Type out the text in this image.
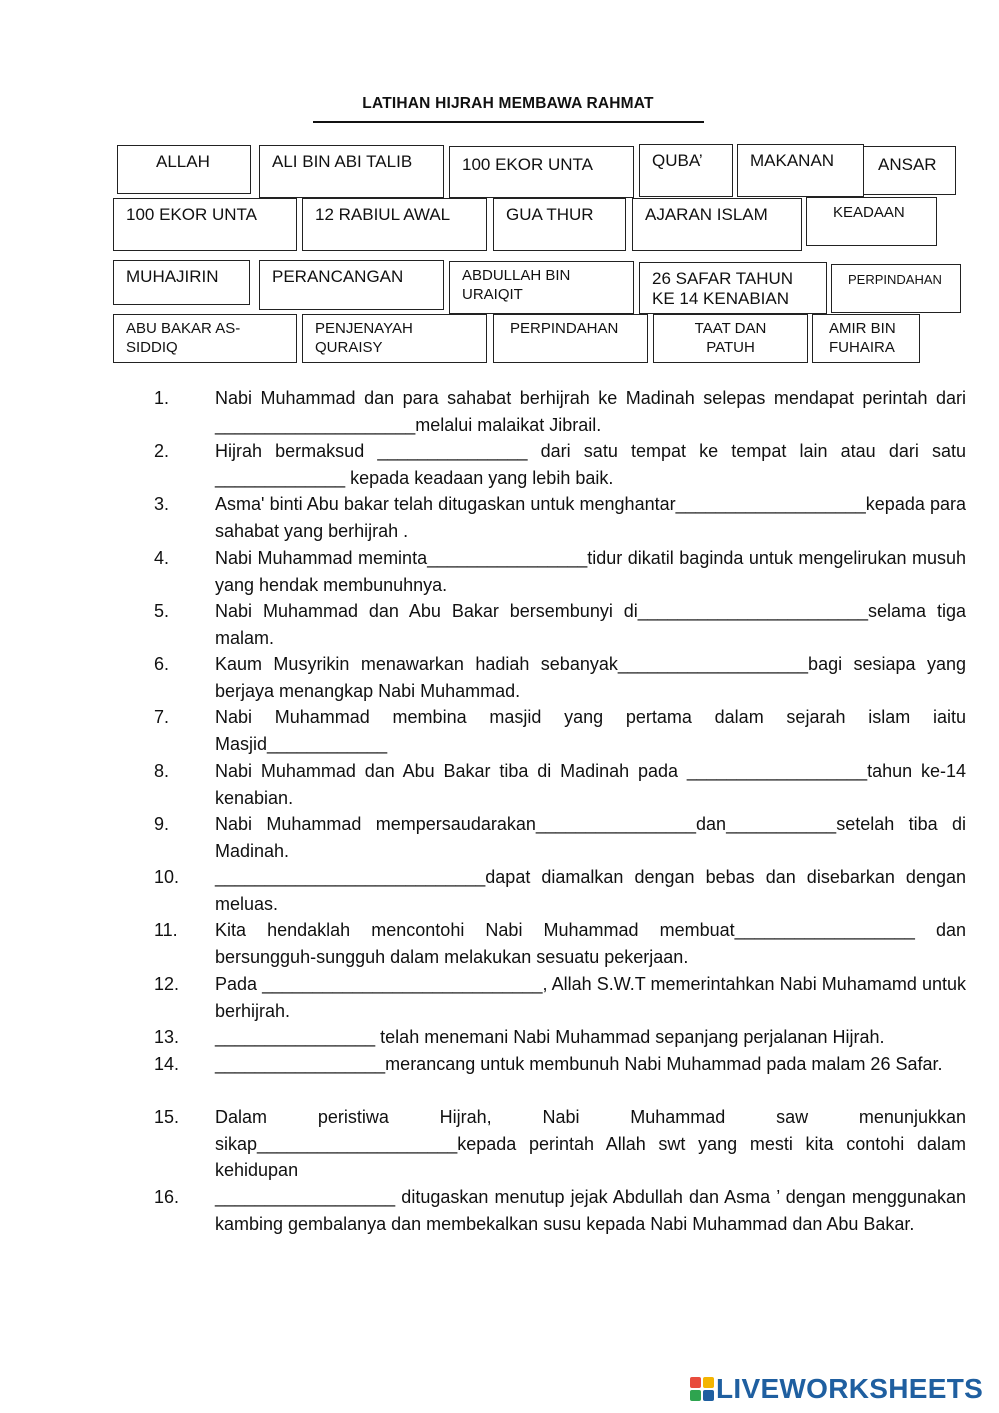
LATIHAN HIJRAH MEMBAWA RAHMAT
ALLAH	ALI BIN ABI TALIB	100 EKOR UNTA	QUBA’	MAKANAN	ANSAR
100 EKOR UNTA	12 RABIUL AWAL	GUA THUR	AJARAN ISLAM	KEADAAN
MUHAJIRIN	PERANCANGAN	ABDULLAH BIN
URAIQIT
26 SAFAR TAHUN
KE 14 KENABIAN
PERPINDAHAN
ABU BAKAR AS-
SIDDIQ
PENJENAYAH
QURAISY
PERPINDAHAN	TAAT DAN
PATUH
AMIR BIN
FUHAIRA
1.	Nabi Muhammad dan para sahabat berhijrah ke Madinah selepas mendapat perintah dari ____________________melalui malaikat Jibrail.
2.	Hijrah bermaksud _______________ dari satu tempat ke tempat lain atau dari satu _____________ kepada keadaan yang lebih baik.
3.	Asma' binti Abu bakar telah ditugaskan untuk menghantar___________________kepada para sahabat yang berhijrah .
4.	Nabi Muhammad meminta________________tidur dikatil baginda untuk mengelirukan musuh yang hendak membunuhnya.
5.	Nabi Muhammad dan Abu Bakar bersembunyi di_______________________selama tiga malam.
6.	Kaum Musyrikin menawarkan hadiah sebanyak___________________bagi sesiapa yang berjaya menangkap Nabi Muhammad.
7.	Nabi Muhammad membina masjid yang pertama dalam sejarah islam iaitu Masjid____________
8.	Nabi Muhammad dan Abu Bakar tiba di Madinah pada __________________tahun ke-14 kenabian.
9.	Nabi Muhammad mempersaudarakan________________dan___________setelah tiba di Madinah.
10. ___________________________dapat diamalkan dengan bebas dan disebarkan dengan meluas.
11. Kita hendaklah mencontohi Nabi Muhammad membuat__________________ dan bersungguh-sungguh dalam melakukan sesuatu pekerjaan.
12. Pada ____________________________, Allah S.W.T memerintahkan Nabi Muhamamd untuk berhijrah.
13. ________________ telah menemani Nabi Muhammad sepanjang perjalanan Hijrah.
14. _________________merancang untuk membunuh Nabi Muhammad pada malam 26 Safar.
15. Dalam peristiwa Hijrah, Nabi Muhammad saw menunjukkan sikap____________________kepada perintah Allah swt yang mesti kita contohi dalam kehidupan
16. __________________ ditugaskan menutup jejak Abdullah dan Asma ’ dengan menggunakan kambing gembalanya dan membekalkan susu kepada Nabi Muhammad dan Abu Bakar.
LIVEWORKSHEETS
